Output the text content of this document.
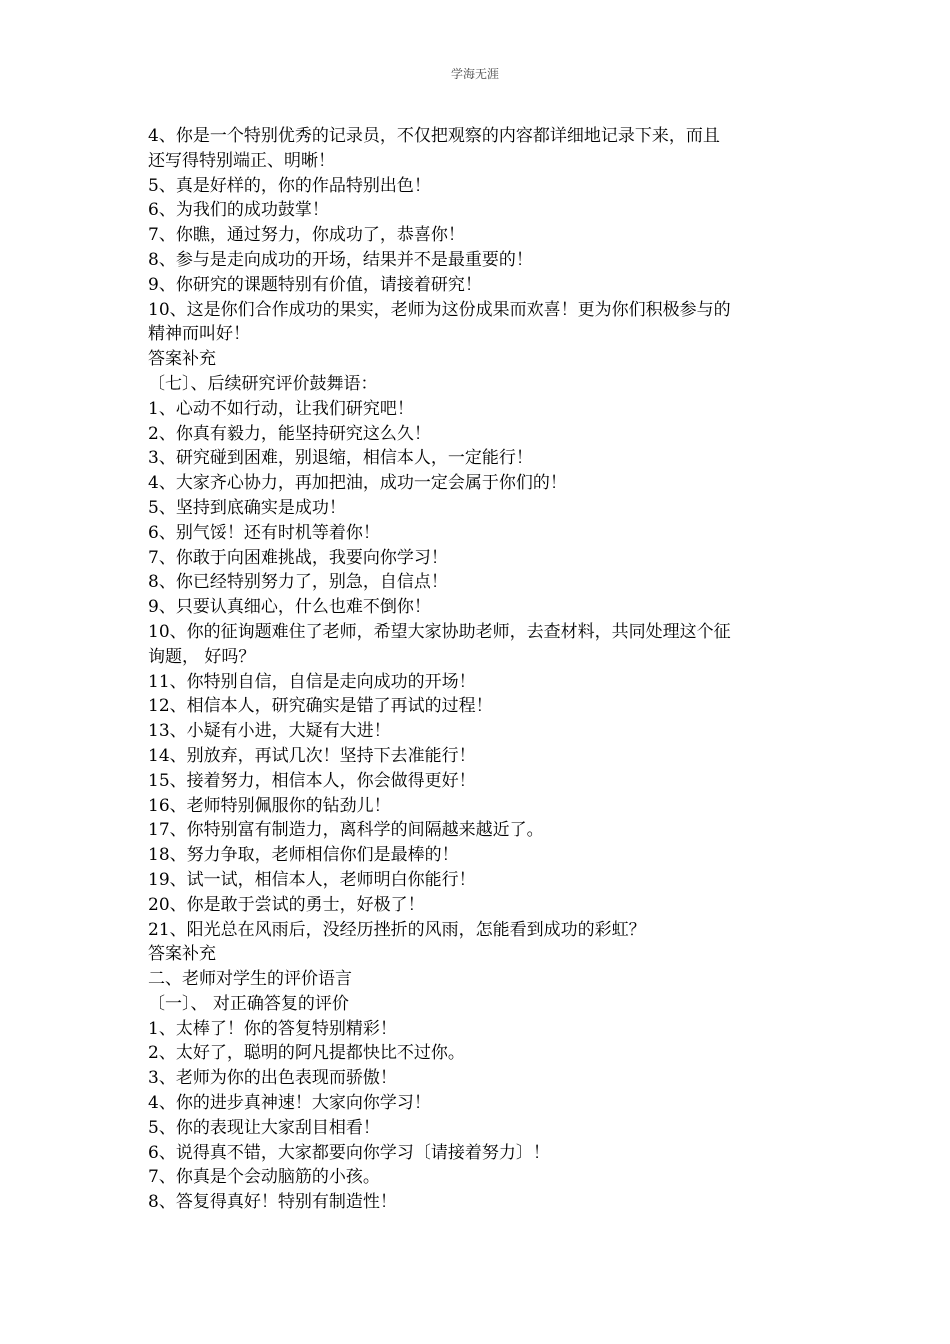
学海无涯
4、你是一个特别优秀的记录员，不仅把观察的内容都详细地记录下来，而且
还写得特别端正、明晰！
5、真是好样的，你的作品特别出色！
6、为我们的成功鼓掌！
7、你瞧，通过努力，你成功了，恭喜你！
8、参与是走向成功的开场，结果并不是最重要的！
9、你研究的课题特别有价值，请接着研究！
10、这是你们合作成功的果实，老师为这份成果而欢喜！更为你们积极参与的
精神而叫好！
答案补充
〔七〕、后续研究评价鼓舞语：
1、心动不如行动，让我们研究吧！
2、你真有毅力，能坚持研究这么久！
3、研究碰到困难，别退缩，相信本人，一定能行！
4、大家齐心协力，再加把油，成功一定会属于你们的！
5、坚持到底确实是成功！
6、别气馁！还有时机等着你！
7、你敢于向困难挑战，我要向你学习！
8、你已经特别努力了，别急，自信点！
9、只要认真细心，什么也难不倒你！
10、你的征询题难住了老师，希望大家协助老师，去查材料，共同处理这个征
询题， 好吗？
11、你特别自信，自信是走向成功的开场！
12、相信本人，研究确实是错了再试的过程！
13、小疑有小进，大疑有大进！
14、别放弃，再试几次！坚持下去准能行！
15、接着努力，相信本人，你会做得更好！
16、老师特别佩服你的钻劲儿！
17、你特别富有制造力，离科学的间隔越来越近了。
18、努力争取，老师相信你们是最棒的！
19、试一试，相信本人，老师明白你能行！
20、你是敢于尝试的勇士，好极了！
21、阳光总在风雨后，没经历挫折的风雨，怎能看到成功的彩虹？
答案补充
二、老师对学生的评价语言
〔一〕、 对正确答复的评价
1、太棒了！你的答复特别精彩！
2、太好了，聪明的阿凡提都快比不过你。
3、老师为你的出色表现而骄傲！
4、你的进步真神速！大家向你学习！
5、你的表现让大家刮目相看！
6、说得真不错，大家都要向你学习〔请接着努力〕！
7、你真是个会动脑筋的小孩。
8、答复得真好！特别有制造性！
